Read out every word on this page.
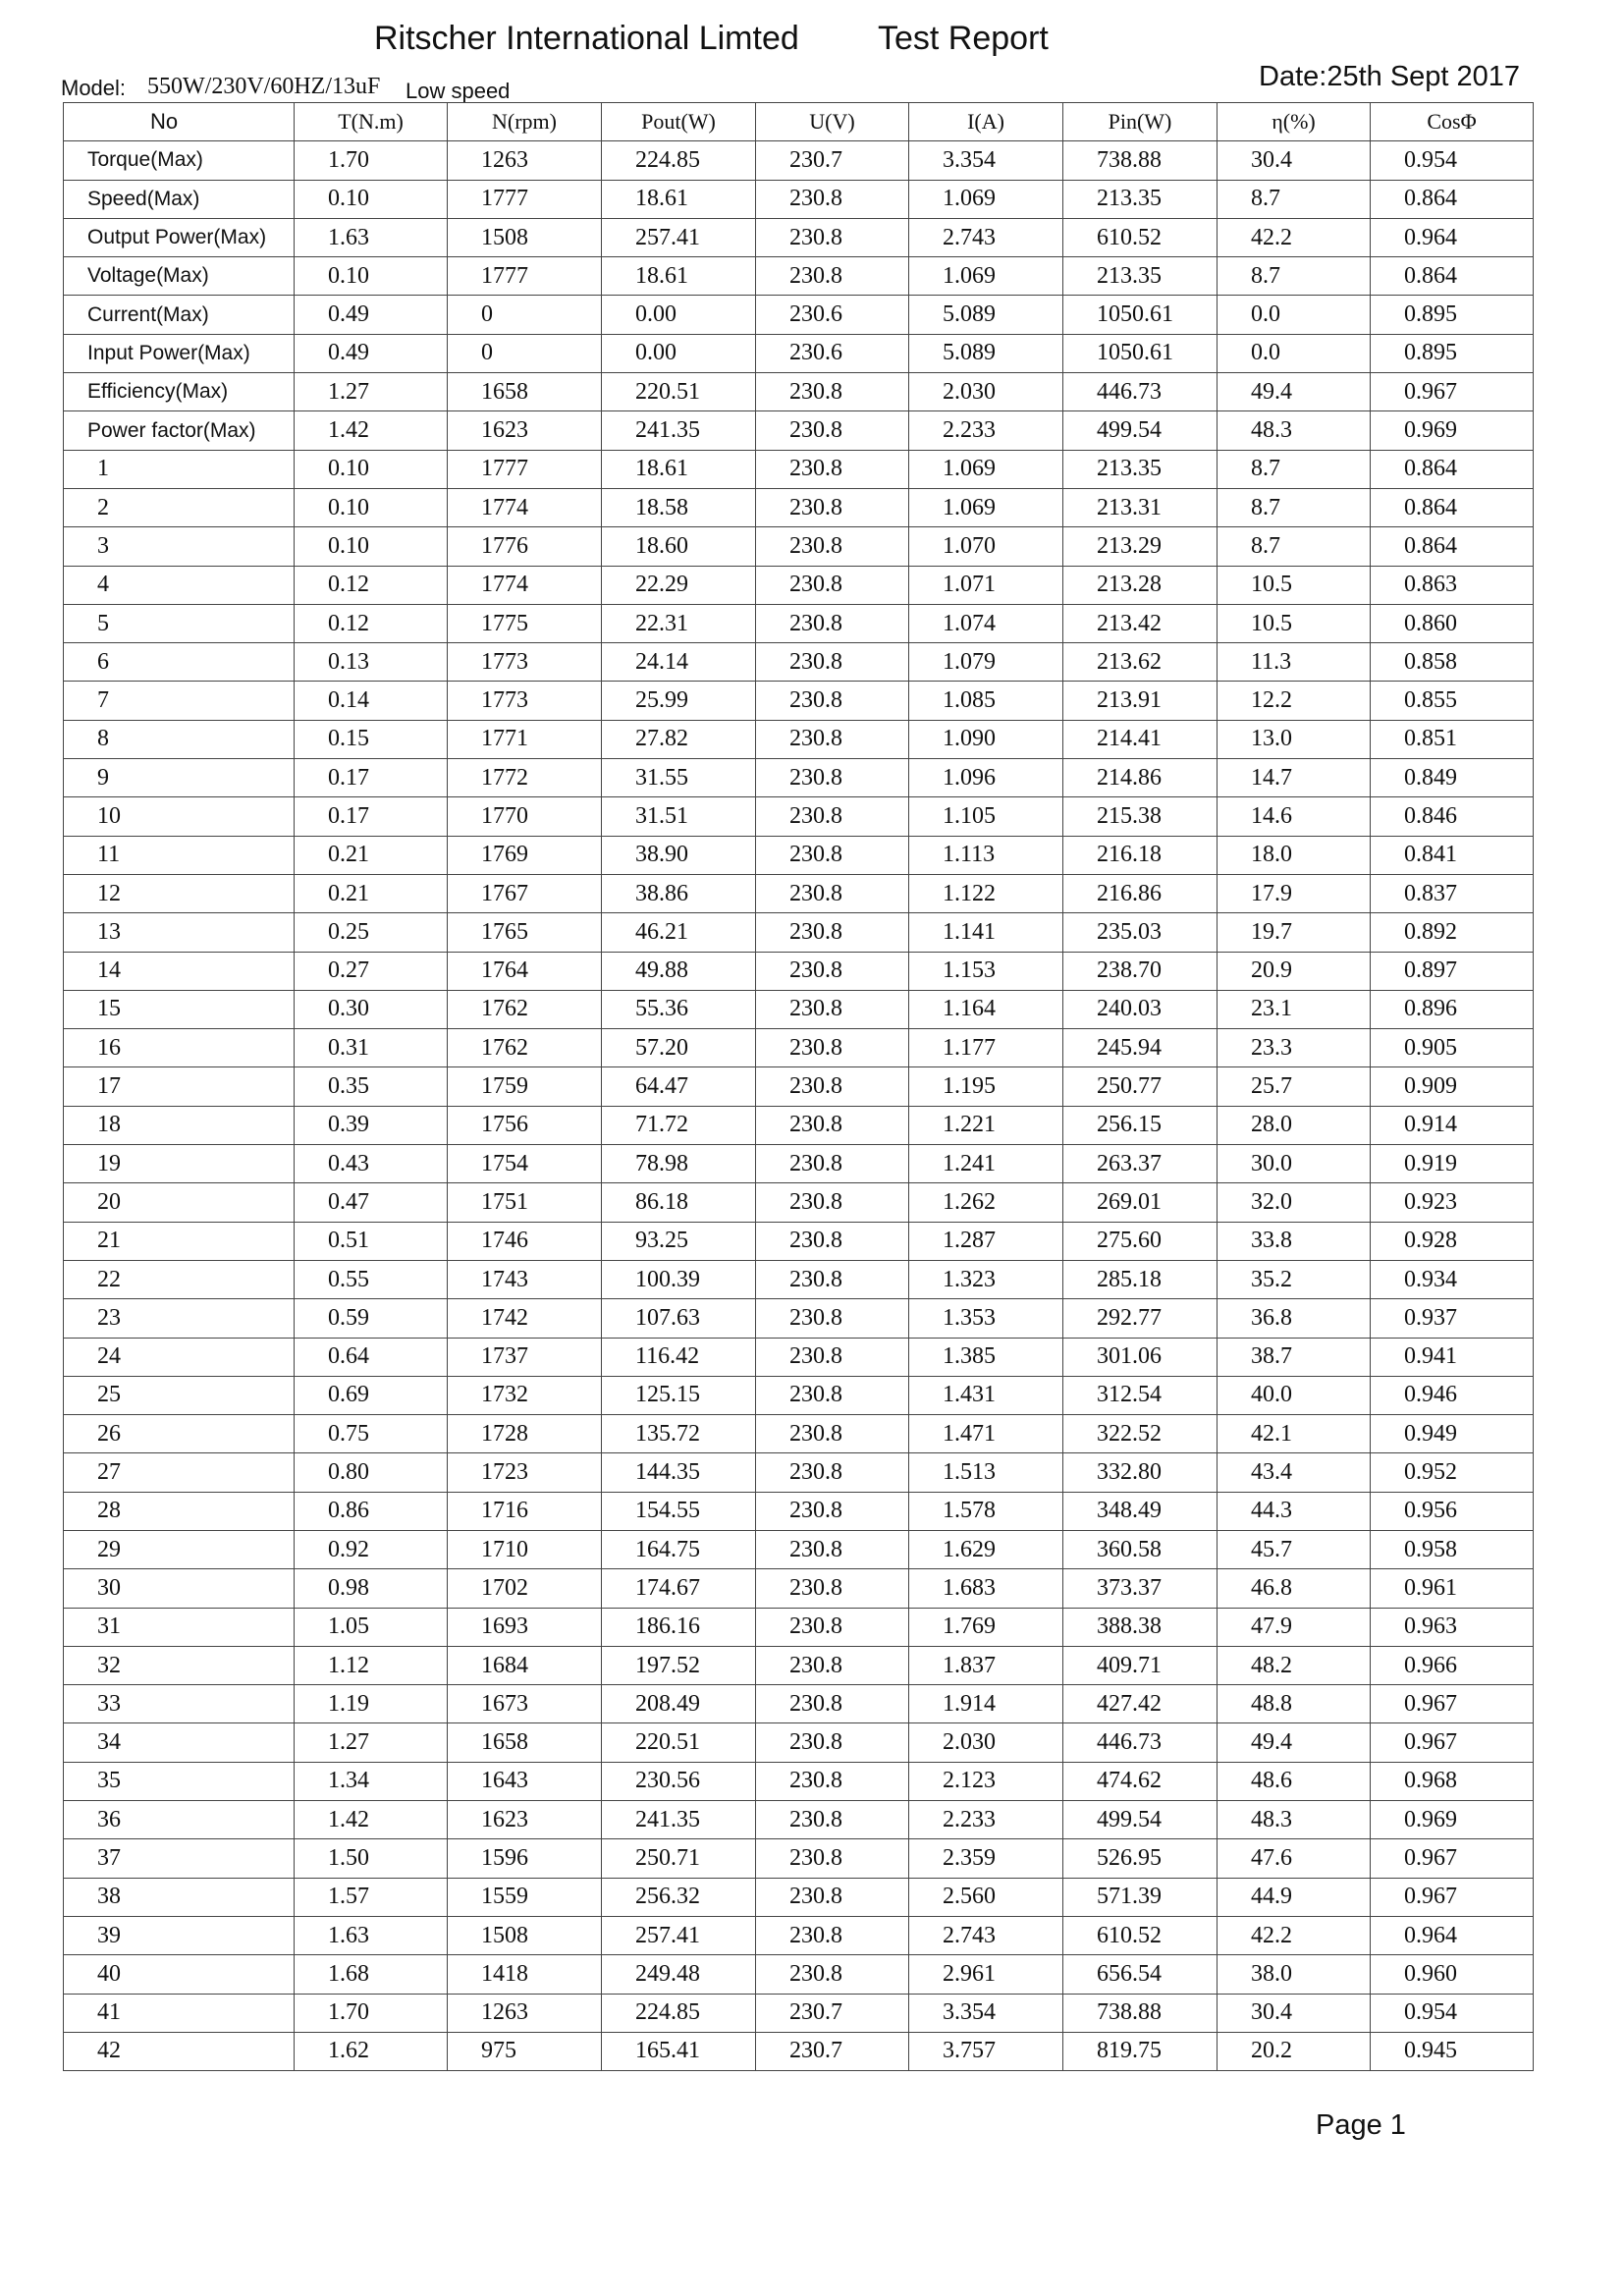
Ritscher International Limted Test Report
Model: 550W/230V/60HZ/13uF Low speed	Date:25th Sept 2017
No	T(N.m)	N(rpm)	Pout(W)	U(V)	I(A)	Pin(W)	η(%)	CosΦ
Torque(Max)	1.70	1263	224.85	230.7	3.354	738.88	30.4	0.954
Speed(Max)	0.10	1777	18.61	230.8	1.069	213.35	8.7	0.864
Output Power(Max)	1.63	1508	257.41	230.8	2.743	610.52	42.2	0.964
Voltage(Max)	0.10	1777	18.61	230.8	1.069	213.35	8.7	0.864
Current(Max)	0.49	0	0.00	230.6	5.089	1050.61	0.0	0.895
Input Power(Max)	0.49	0	0.00	230.6	5.089	1050.61	0.0	0.895
Efficiency(Max)	1.27	1658	220.51	230.8	2.030	446.73	49.4	0.967
Power factor(Max)	1.42	1623	241.35	230.8	2.233	499.54	48.3	0.969
1	0.10	1777	18.61	230.8	1.069	213.35	8.7	0.864
2	0.10	1774	18.58	230.8	1.069	213.31	8.7	0.864
3	0.10	1776	18.60	230.8	1.070	213.29	8.7	0.864
4	0.12	1774	22.29	230.8	1.071	213.28	10.5	0.863
5	0.12	1775	22.31	230.8	1.074	213.42	10.5	0.860
6	0.13	1773	24.14	230.8	1.079	213.62	11.3	0.858
7	0.14	1773	25.99	230.8	1.085	213.91	12.2	0.855
8	0.15	1771	27.82	230.8	1.090	214.41	13.0	0.851
9	0.17	1772	31.55	230.8	1.096	214.86	14.7	0.849
10	0.17	1770	31.51	230.8	1.105	215.38	14.6	0.846
11	0.21	1769	38.90	230.8	1.113	216.18	18.0	0.841
12	0.21	1767	38.86	230.8	1.122	216.86	17.9	0.837
13	0.25	1765	46.21	230.8	1.141	235.03	19.7	0.892
14	0.27	1764	49.88	230.8	1.153	238.70	20.9	0.897
15	0.30	1762	55.36	230.8	1.164	240.03	23.1	0.896
16	0.31	1762	57.20	230.8	1.177	245.94	23.3	0.905
17	0.35	1759	64.47	230.8	1.195	250.77	25.7	0.909
18	0.39	1756	71.72	230.8	1.221	256.15	28.0	0.914
19	0.43	1754	78.98	230.8	1.241	263.37	30.0	0.919
20	0.47	1751	86.18	230.8	1.262	269.01	32.0	0.923
21	0.51	1746	93.25	230.8	1.287	275.60	33.8	0.928
22	0.55	1743	100.39	230.8	1.323	285.18	35.2	0.934
23	0.59	1742	107.63	230.8	1.353	292.77	36.8	0.937
24	0.64	1737	116.42	230.8	1.385	301.06	38.7	0.941
25	0.69	1732	125.15	230.8	1.431	312.54	40.0	0.946
26	0.75	1728	135.72	230.8	1.471	322.52	42.1	0.949
27	0.80	1723	144.35	230.8	1.513	332.80	43.4	0.952
28	0.86	1716	154.55	230.8	1.578	348.49	44.3	0.956
29	0.92	1710	164.75	230.8	1.629	360.58	45.7	0.958
30	0.98	1702	174.67	230.8	1.683	373.37	46.8	0.961
31	1.05	1693	186.16	230.8	1.769	388.38	47.9	0.963
32	1.12	1684	197.52	230.8	1.837	409.71	48.2	0.966
33	1.19	1673	208.49	230.8	1.914	427.42	48.8	0.967
34	1.27	1658	220.51	230.8	2.030	446.73	49.4	0.967
35	1.34	1643	230.56	230.8	2.123	474.62	48.6	0.968
36	1.42	1623	241.35	230.8	2.233	499.54	48.3	0.969
37	1.50	1596	250.71	230.8	2.359	526.95	47.6	0.967
38	1.57	1559	256.32	230.8	2.560	571.39	44.9	0.967
39	1.63	1508	257.41	230.8	2.743	610.52	42.2	0.964
40	1.68	1418	249.48	230.8	2.961	656.54	38.0	0.960
41	1.70	1263	224.85	230.7	3.354	738.88	30.4	0.954
42	1.62	975	165.41	230.7	3.757	819.75	20.2	0.945
Page 1
